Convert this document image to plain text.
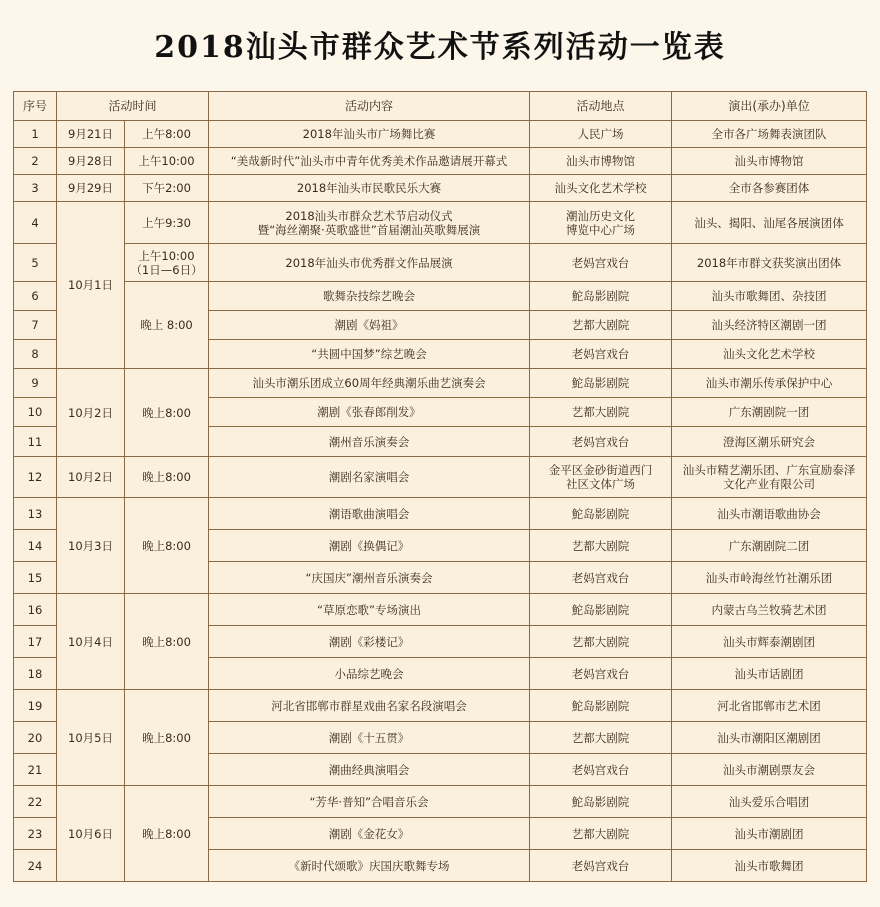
2018汕头市群众艺术节系列活动一览表
序号	活动时间		活动内容	活动地点	演出(承办)单位
1	9月21日	上午8:00	2018年汕头市广场舞比赛	人民广场	全市各广场舞表演团队
2	9月28日	上午10:00	“美哉新时代”汕头市中青年优秀美术作品邀请展开幕式	汕头市博物馆	汕头市博物馆
3	9月29日	下午2:00	2018年汕头市民歌民乐大赛	汕头文化艺术学校	全市各参赛团体
4	10月1日	上午9:30	2018汕头市群众艺术节启动仪式
暨“海丝潮聚·英歌盛世”首届潮汕英歌舞展演	潮汕历史文化
博览中心广场	汕头、揭阳、汕尾各展演团体
5		上午10:00
（1日—6日）	2018年汕头市优秀群文作品展演	老妈宫戏台	2018年市群文获奖演出团体
6		晚上 8:00	歌舞杂技综艺晚会	鮀岛影剧院	汕头市歌舞团、杂技团
7			潮剧《妈祖》	艺都大剧院	汕头经济特区潮剧一团
8			“共圆中国梦”综艺晚会	老妈宫戏台	汕头文化艺术学校
9	10月2日	晚上8:00	汕头市潮乐团成立60周年经典潮乐曲艺演奏会	鮀岛影剧院	汕头市潮乐传承保护中心
10			潮剧《张春郎削发》	艺都大剧院	广东潮剧院一团
11			潮州音乐演奏会	老妈宫戏台	澄海区潮乐研究会
12	10月2日	晚上8:00	潮剧名家演唱会	金平区金砂街道西门
社区文体广场	汕头市精艺潮乐团、广东宣励泰泽
文化产业有限公司
13	10月3日	晚上8:00	潮语歌曲演唱会	鮀岛影剧院	汕头市潮语歌曲协会
14			潮剧《换偶记》	艺都大剧院	广东潮剧院二团
15			“庆国庆”潮州音乐演奏会	老妈宫戏台	汕头市岭海丝竹社潮乐团
16	10月4日	晚上8:00	“草原恋歌”专场演出	鮀岛影剧院	内蒙古乌兰牧骑艺术团
17			潮剧《彩楼记》	艺都大剧院	汕头市辉泰潮剧团
18			小品综艺晚会	老妈宫戏台	汕头市话剧团
19	10月5日	晚上8:00	河北省邯郸市群星戏曲名家名段演唱会	鮀岛影剧院	河北省邯郸市艺术团
20			潮剧《十五贯》	艺都大剧院	汕头市潮阳区潮剧团
21			潮曲经典演唱会	老妈宫戏台	汕头市潮剧票友会
22	10月6日	晚上8:00	“芳华·普知”合唱音乐会	鮀岛影剧院	汕头爱乐合唱团
23			潮剧《金花女》	艺都大剧院	汕头市潮剧团
24			《新时代颂歌》庆国庆歌舞专场	老妈宫戏台	汕头市歌舞团
